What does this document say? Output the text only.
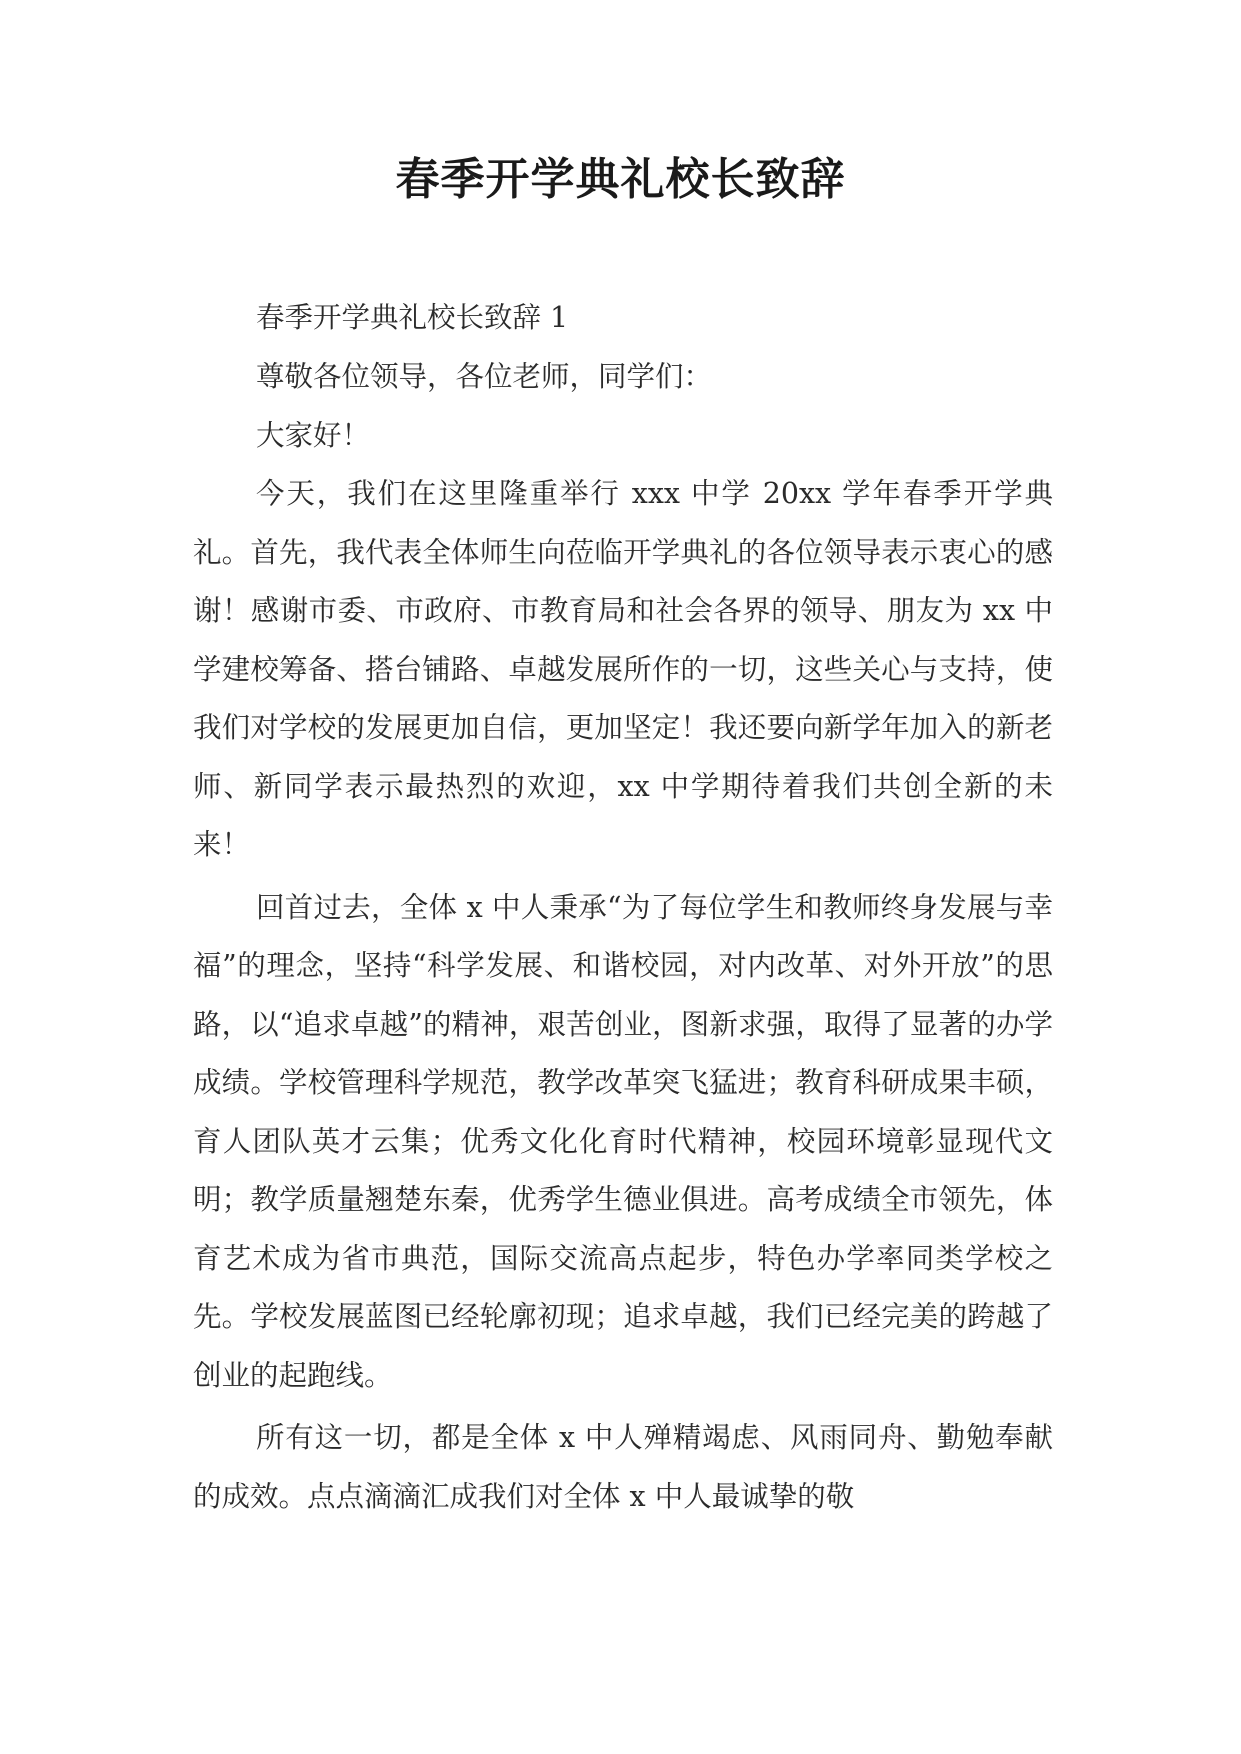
春季开学典礼校长致辞

春季开学典礼校长致辞 1

尊敬各位领导，各位老师，同学们：

大家好！

今天，我们在这里隆重举行 xxx 中学 20xx 学年春季开学典礼。首先，我代表全体师生向莅临开学典礼的各位领导表示衷心的感谢！感谢市委、市政府、市教育局和社会各界的领导、朋友为 xx 中学建校筹备、搭台铺路、卓越发展所作的一切，这些关心与支持，使我们对学校的发展更加自信，更加坚定！我还要向新学年加入的新老师、新同学表示最热烈的欢迎，xx 中学期待着我们共创全新的未来！

回首过去，全体 x 中人秉承“为了每位学生和教师终身发展与幸福”的理念，坚持“科学发展、和谐校园，对内改革、对外开放”的思路，以“追求卓越”的精神，艰苦创业，图新求强，取得了显著的办学成绩。学校管理科学规范，教学改革突飞猛进；教育科研成果丰硕，育人团队英才云集；优秀文化化育时代精神，校园环境彰显现代文明；教学质量翘楚东秦，优秀学生德业俱进。高考成绩全市领先，体育艺术成为省市典范，国际交流高点起步，特色办学率同类学校之先。学校发展蓝图已经轮廓初现；追求卓越，我们已经完美的跨越了创业的起跑线。

所有这一切，都是全体 x 中人殚精竭虑、风雨同舟、勤勉奉献的成效。点点滴滴汇成我们对全体 x 中人最诚挚的敬
